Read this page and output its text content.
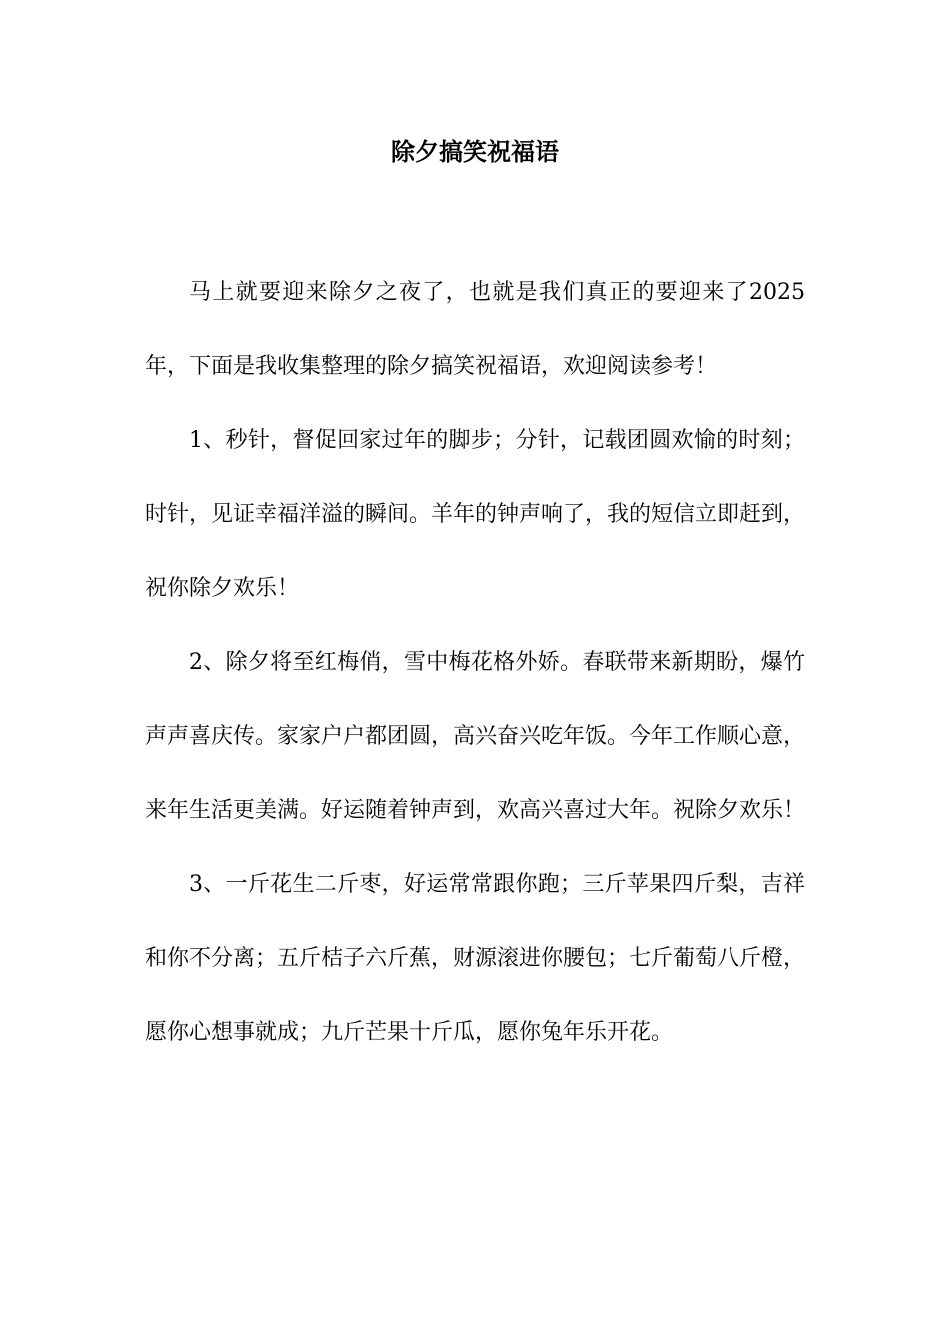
除夕搞笑祝福语

马上就要迎来除夕之夜了，也就是我们真正的要迎来了2025年，下面是我收集整理的除夕搞笑祝福语，欢迎阅读参考！

1、秒针，督促回家过年的脚步；分针，记载团圆欢愉的时刻；时针，见证幸福洋溢的瞬间。羊年的钟声响了，我的短信立即赶到，祝你除夕欢乐！

2、除夕将至红梅俏，雪中梅花格外娇。春联带来新期盼，爆竹声声喜庆传。家家户户都团圆，高兴奋兴吃年饭。今年工作顺心意，来年生活更美满。好运随着钟声到，欢高兴喜过大年。祝除夕欢乐！

3、一斤花生二斤枣，好运常常跟你跑；三斤苹果四斤梨，吉祥和你不分离；五斤桔子六斤蕉，财源滚进你腰包；七斤葡萄八斤橙，愿你心想事就成；九斤芒果十斤瓜，愿你兔年乐开花。
